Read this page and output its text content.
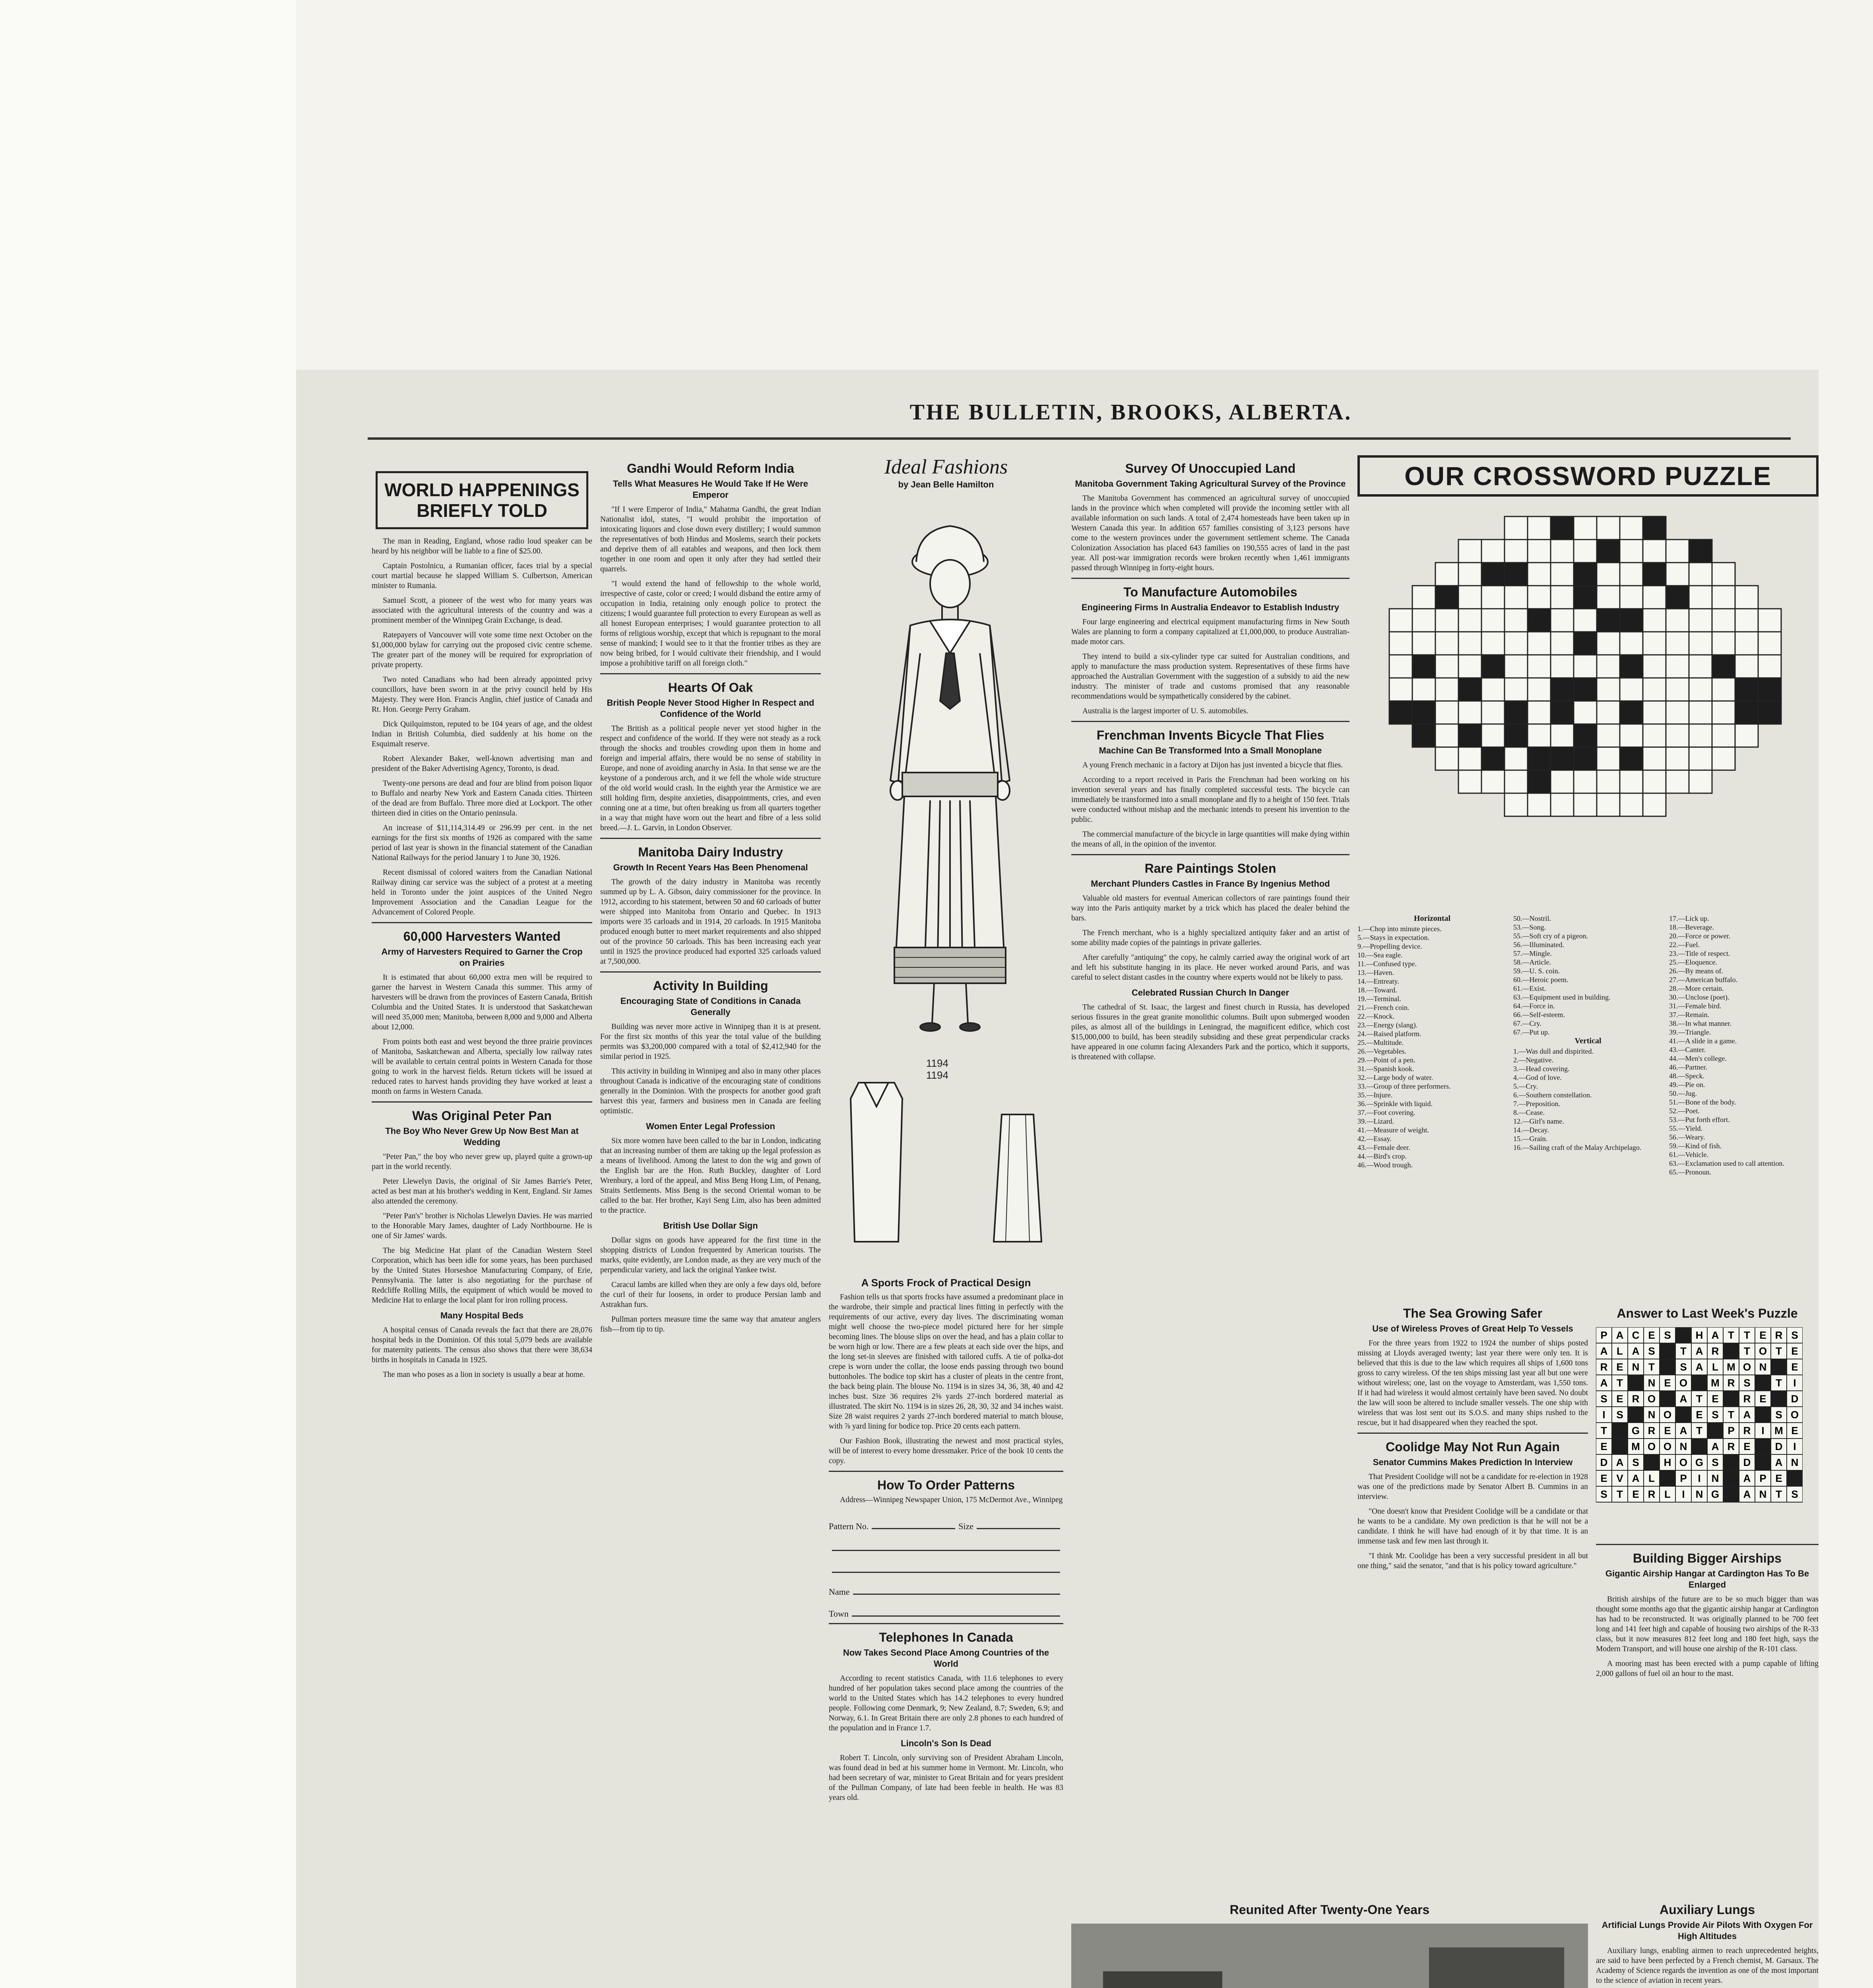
THE BULLETIN, BROOKS, ALBERTA.
WORLD HAPPENINGS BRIEFLY TOLD

The man in Reading, England, whose radio loud speaker can be heard by his neighbor will be liable to a fine of $25.00.

Captain Postolnicu, a Rumanian officer, faces trial by a special court martial because he slapped William S. Culbertson, American minister to Rumania.

Samuel Scott, a pioneer of the west who for many years was associated with the agricultural interests of the country and was a prominent member of the Winnipeg Grain Exchange, is dead.

Ratepayers of Vancouver will vote some time next October on the $1,000,000 bylaw for carrying out the proposed civic centre scheme. The greater part of the money will be required for expropriation of private property.

Two noted Canadians who had been already appointed privy councillors, have been sworn in at the privy council held by His Majesty. They were Hon. Francis Anglin, chief justice of Canada and Rt. Hon. George Perry Graham.

Dick Quilquimston, reputed to be 104 years of age, and the oldest Indian in British Columbia, died suddenly at his home on the Esquimalt reserve.

Robert Alexander Baker, well-known advertising man and president of the Baker Advertising Agency, Toronto, is dead.

Twenty-one persons are dead and four are blind from poison liquor to Buffalo and nearby New York and Eastern Canada cities. Thirteen of the dead are from Buffalo. Three more died at Lockport. The other thirteen died in cities on the Ontario peninsula.

An increase of $11,114,314.49 or 296.99 per cent. in the net earnings for the first six months of 1926 as compared with the same period of last year is shown in the financial statement of the Canadian National Railways for the period January 1 to June 30, 1926.

Recent dismissal of colored waiters from the Canadian National Railway dining car service was the subject of a protest at a meeting held in Toronto under the joint auspices of the United Negro Improvement Association and the Canadian League for the Advancement of Colored People.

60,000 Harvesters Wanted
Army of Harvesters Required to Garner the Crop on Prairies

It is estimated that about 60,000 extra men will be required to garner the harvest in Western Canada this summer. This army of harvesters will be drawn from the provinces of Eastern Canada, British Columbia and the United States. It is understood that Saskatchewan will need 35,000 men; Manitoba, between 8,000 and 9,000 and Alberta about 12,000.

From points both east and west beyond the three prairie provinces of Manitoba, Saskatchewan and Alberta, specially low railway rates will be available to certain central points in Western Canada for those going to work in the harvest fields. Return tickets will be issued at reduced rates to harvest hands providing they have worked at least a month on farms in Western Canada.

Was Original Peter Pan
The Boy Who Never Grew Up Now Best Man at Wedding

"Peter Pan," the boy who never grew up, played quite a grown-up part in the world recently.

Peter Llewelyn Davis, the original of Sir James Barrie's Peter, acted as best man at his brother's wedding in Kent, England. Sir James also attended the ceremony.

"Peter Pan's" brother is Nicholas Llewelyn Davies. He was married to the Honorable Mary James, daughter of Lady Northbourne. He is one of Sir James' wards.

The big Medicine Hat plant of the Canadian Western Steel Corporation, which has been idle for some years, has been purchased by the United States Horseshoe Manufacturing Company, of Erie, Pennsylvania. The latter is also negotiating for the purchase of Redcliffe Rolling Mills, the equipment of which would be moved to Medicine Hat to enlarge the local plant for iron rolling process.

Many Hospital Beds

A hospital census of Canada reveals the fact that there are 28,076 hospital beds in the Dominion. Of this total 5,079 beds are available for maternity patients. The census also shows that there were 38,634 births in hospitals in Canada in 1925.

The man who poses as a lion in society is usually a bear at home.

Gandhi Would Reform India
Tells What Measures He Would Take If He Were Emperor

"If I were Emperor of India," Mahatma Gandhi, the great Indian Nationalist idol, states, "I would prohibit the importation of intoxicating liquors and close down every distillery; I would summon the representatives of both Hindus and Moslems, search their pockets and deprive them of all eatables and weapons, and then lock them together in one room and open it only after they had settled their quarrels.

"I would extend the hand of fellowship to the whole world, irrespective of caste, color or creed; I would disband the entire army of occupation in India, retaining only enough police to protect the citizens; I would guarantee full protection to every European as well as all honest European enterprises; I would guarantee protection to all forms of religious worship, except that which is repugnant to the moral sense of mankind; I would see to it that the frontier tribes as they are now being bribed, for I would cultivate their friendship, and I would impose a prohibitive tariff on all foreign cloth."

Hearts Of Oak
British People Never Stood Higher In Respect and Confidence of the World

The British as a political people never yet stood higher in the respect and confidence of the world. If they were not steady as a rock through the shocks and troubles crowding upon them in home and foreign and imperial affairs, there would be no sense of stability in Europe, and none of avoiding anarchy in Asia. In that sense we are the keystone of a ponderous arch, and it we fell the whole wide structure of the old world would crash. In the eighth year the Armistice we are still holding firm, despite anxieties, disappointments, cries, and even conning one at a time, but often breaking us from all quarters together in a way that might have worn out the heart and fibre of a less solid breed.—J. L. Garvin, in London Observer.

Manitoba Dairy Industry
Growth In Recent Years Has Been Phenomenal

The growth of the dairy industry in Manitoba was recently summed up by L. A. Gibson, dairy commissioner for the province. In 1912, according to his statement, between 50 and 60 carloads of butter were shipped into Manitoba from Ontario and Quebec. In 1913 imports were 35 carloads and in 1914, 20 carloads. In 1915 Manitoba produced enough butter to meet market requirements and also shipped out of the province 50 carloads. This has been increasing each year until in 1925 the province produced had exported 325 carloads valued at 7,500,000.

Activity In Building
Encouraging State of Conditions in Canada Generally

Building was never more active in Winnipeg than it is at present. For the first six months of this year the total value of the building permits was $3,200,000 compared with a total of $2,412,940 for the similar period in 1925.

This activity in building in Winnipeg and also in many other places throughout Canada is indicative of the encouraging state of conditions generally in the Dominion. With the prospects for another good graft harvest this year, farmers and business men in Canada are feeling optimistic.

Women Enter Legal Profession

Six more women have been called to the bar in London, indicating that an increasing number of them are taking up the legal profession as a means of livelihood. Among the latest to don the wig and gown of the English bar are the Hon. Ruth Buckley, daughter of Lord Wrenbury, a lord of the appeal, and Miss Beng Hong Lim, of Penang, Straits Settlements. Miss Beng is the second Oriental woman to be called to the bar. Her brother, Kayi Seng Lim, also has been admitted to the practice.

British Use Dollar Sign

Dollar signs on goods have appeared for the first time in the shopping districts of London frequented by American tourists. The marks, quite evidently, are London made, as they are very much of the perpendicular variety, and lack the original Yankee twist.

Caracul lambs are killed when they are only a few days old, before the curl of their fur loosens, in order to produce Persian lamb and Astrakhan furs.

Pullman porters measure time the same way that amateur anglers fish—from tip to tip.

Ideal Fashions
by Jean Belle Hamilton
1194
1194
A Sports Frock of Practical Design

Fashion tells us that sports frocks have assumed a predominant place in the wardrobe, their simple and practical lines fitting in perfectly with the requirements of our active, every day lives. The discriminating woman might well choose the two-piece model pictured here for her simple becoming lines. The blouse slips on over the head, and has a plain collar to be worn high or low. There are a few pleats at each side over the hips, and the long set-in sleeves are finished with tailored cuffs. A tie of polka-dot crepe is worn under the collar, the loose ends passing through two bound buttonholes. The bodice top skirt has a cluster of pleats in the centre front, the back being plain. The blouse No. 1194 is in sizes 34, 36, 38, 40 and 42 inches bust. Size 36 requires 2⅝ yards 27-inch bordered material as illustrated. The skirt No. 1194 is in sizes 26, 28, 30, 32 and 34 inches waist. Size 28 waist requires 2 yards 27-inch bordered material to match blouse, with ⅞ yard lining for bodice top. Price 20 cents each pattern.

Our Fashion Book, illustrating the newest and most practical styles, will be of interest to every home dressmaker. Price of the book 10 cents the copy.

How To Order Patterns

Address—Winnipeg Newspaper Union, 175 McDermot Ave., Winnipeg

Pattern No.	Size
Name
Town
Telephones In Canada
Now Takes Second Place Among Countries of the World

According to recent statistics Canada, with 11.6 telephones to every hundred of her population takes second place among the countries of the world to the United States which has 14.2 telephones to every hundred people. Following come Denmark, 9; New Zealand, 8.7; Sweden, 6.9; and Norway, 6.1. In Great Britain there are only 2.8 phones to each hundred of the population and in France 1.7.

Lincoln's Son Is Dead

Robert T. Lincoln, only surviving son of President Abraham Lincoln, was found dead in bed at his summer home in Vermont. Mr. Lincoln, who had been secretary of war, minister to Great Britain and for years president of the Pullman Company, of late had been feeble in health. He was 83 years old.

Survey Of Unoccupied Land
Manitoba Government Taking Agricultural Survey of the Province

The Manitoba Government has commenced an agricultural survey of unoccupied lands in the province which when completed will provide the incoming settler with all available information on such lands. A total of 2,474 homesteads have been taken up in Western Canada this year. In addition 657 families consisting of 3,123 persons have come to the western provinces under the government settlement scheme. The Canada Colonization Association has placed 643 families on 190,555 acres of land in the past year. All post-war immigration records were broken recently when 1,461 immigrants passed through Winnipeg in forty-eight hours.

To Manufacture Automobiles
Engineering Firms In Australia Endeavor to Establish Industry

Four large engineering and electrical equipment manufacturing firms in New South Wales are planning to form a company capitalized at £1,000,000, to produce Australian-made motor cars.

They intend to build a six-cylinder type car suited for Australian conditions, and apply to manufacture the mass production system. Representatives of these firms have approached the Australian Government with the suggestion of a subsidy to aid the new industry. The minister of trade and customs promised that any reasonable recommendations would be sympathetically considered by the cabinet.

Australia is the largest importer of U. S. automobiles.

Frenchman Invents Bicycle That Flies
Machine Can Be Transformed Into a Small Monoplane

A young French mechanic in a factory at Dijon has just invented a bicycle that flies.

According to a report received in Paris the Frenchman had been working on his invention several years and has finally completed successful tests. The bicycle can immediately be transformed into a small monoplane and fly to a height of 150 feet. Trials were conducted without mishap and the mechanic intends to present his invention to the public.

The commercial manufacture of the bicycle in large quantities will make dying within the means of all, in the opinion of the inventor.

Rare Paintings Stolen
Merchant Plunders Castles in France By Ingenius Method

Valuable old masters for eventual American collectors of rare paintings found their way into the Paris antiquity market by a trick which has placed the dealer behind the bars.

The French merchant, who is a highly specialized antiquity faker and an artist of some ability made copies of the paintings in private galleries.

After carefully "antiquing" the copy, he calmly carried away the original work of art and left his substitute hanging in its place. He never worked around Paris, and was careful to select distant castles in the country where experts would not be likely to pass.

Celebrated Russian Church In Danger

The cathedral of St. Isaac, the largest and finest church in Russia, has developed serious fissures in the great granite monolithic columns. Built upon submerged wooden piles, as almost all of the buildings in Leningrad, the magnificent edifice, which cost $15,000,000 to build, has been steadily subsiding and these great perpendicular cracks have appeared in one column facing Alexanders Park and the portico, which it supports, is threatened with collapse.

Reunited After Twenty-One Years

OUR CROSSWORD PUZZLE
Horizontal
1.—Chop into minute pieces.
5.—Stays in expectation.
9.—Propelling device.
10.—Sea eagle.
11.—Confused type.
13.—Haven.
14.—Entreaty.
18.—Toward.
19.—Terminal.
21.—French coin.
22.—Knock.
23.—Energy (slang).
24.—Raised platform.
25.—Multitude.
26.—Vegetables.
29.—Point of a pen.
31.—Spanish kook.
32.—Large body of water.
33.—Group of three performers.
35.—Injure.
36.—Sprinkle with liquid.
37.—Foot covering.
39.—Lizard.
41.—Measure of weight.
42.—Essay.
43.—Female deer.
44.—Bird's crop.
46.—Wood trough.
50.—Nostril.
53.—Song.
55.—Soft cry of a pigeon.
56.—Illuminated.
57.—Mingle.
58.—Article.
59.—U. S. coin.
60.—Heroic poem.
61.—Exist.
63.—Equipment used in building.
64.—Force in.
66.—Self-esteem.
67.—Cry.
67.—Put up.
Vertical
1.—Was dull and dispirited.
2.—Negative.
3.—Head covering.
4.—God of love.
5.—Cry.
6.—Southern constellation.
7.—Preposition.
8.—Cease.
12.—Girl's name.
14.—Decay.
15.—Grain.
16.—Sailing craft of the Malay Archipelago.
17.—Lick up.
18.—Beverage.
20.—Force or power.
22.—Fuel.
23.—Title of respect.
25.—Eloquence.
26.—By means of.
27.—American buffalo.
28.—More certain.
30.—Unclose (poet).
31.—Female bird.
37.—Remain.
38.—In what manner.
39.—Triangle.
41.—A slide in a game.
43.—Canter.
44.—Men's college.
46.—Partner.
48.—Speck.
49.—Pie on.
50.—Jug.
51.—Bone of the body.
52.—Poet.
53.—Put forth effort.
55.—Yield.
56.—Weary.
59.—Kind of fish.
61.—Vehicle.
63.—Exclamation used to call attention.
65.—Pronoun.
The Sea Growing Safer
Use of Wireless Proves of Great Help To Vessels

For the three years from 1922 to 1924 the number of ships posted missing at Lloyds averaged twenty; last year there were only ten. It is believed that this is due to the law which requires all ships of 1,600 tons gross to carry wireless. Of the ten ships missing last year all but one were without wireless; one, last on the voyage to Amsterdam, was 1,550 tons. If it had had wireless it would almost certainly have been saved. No doubt the law will soon be altered to include smaller vessels. The one ship with wireless that was lost sent out its S.O.S. and many ships rushed to the rescue, but it had disappeared when they reached the spot.

Coolidge May Not Run Again
Senator Cummins Makes Prediction In Interview

That President Coolidge will not be a candidate for re-election in 1928 was one of the predictions made by Senator Albert B. Cummins in an interview.

"One doesn't know that President Coolidge will be a candidate or that he wants to be a candidate. My own prediction is that he will not be a candidate. I think he will have had enough of it by that time. It is an immense task and few men last through it.

"I think Mr. Coolidge has been a very successful president in all but one thing," said the senator, "and that is his policy toward agriculture."

Auxiliary Lungs
Artificial Lungs Provide Air Pilots With Oxygen For High Altitudes

Auxiliary lungs, enabling airmen to reach unprecedented heights, are said to have been perfected by a French chemist, M. Garsaux. The Academy of Science regards the invention as one of the most important to the science of aviation in recent years.

Answer to Last Week's Puzzle
P A C E S H A T T E R S
A L A S T A R T O T E
R E N T S A L M O N E
A T N E O M R S T I
S E R O A T E R E D
I S N O E S T A S O
T G R E A T P R I M E
E M O O N A R E D I
D A S H O G S D A N
E V A L P I N A P E
S T E R L I N G A N T S
Building Bigger Airships
Gigantic Airship Hangar at Cardington Has To Be Enlarged

British airships of the future are to be so much bigger than was thought some months ago that the gigantic airship hangar at Cardington has had to be reconstructed. It was originally planned to be 700 feet long and 141 feet high and capable of housing two airships of the R-33 class, but it now measures 812 feet long and 180 feet high, says the Modern Transport, and will house one airship of the R-101 class.

A mooring mast has been erected with a pump capable of lifting 2,000 gallons of fuel oil an hour to the mast.
